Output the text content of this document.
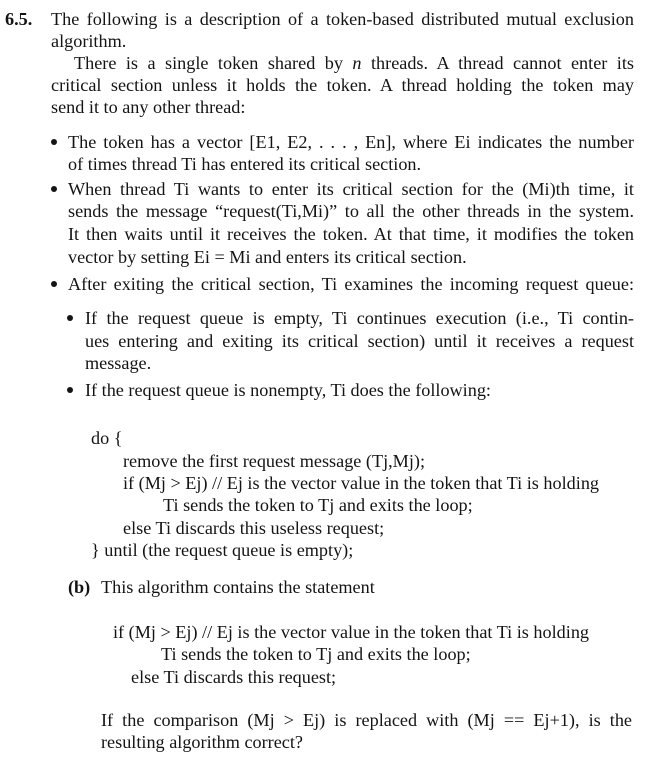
6.5. The following is a description of a token-based distributed mutual exclusion
algorithm.
There is a single token shared by n threads. A thread cannot enter its
critical section unless it holds the token. A thread holding the token may
send it to any other thread:
The token has a vector [E1, E2, . . . , En], where Ei indicates the number
of times thread Ti has entered its critical section.
When thread Ti wants to enter its critical section for the (Mi)th time, it
sends the message “request(Ti,Mi)” to all the other threads in the system.
It then waits until it receives the token. At that time, it modifies the token
vector by setting Ei = Mi and enters its critical section.
After exiting the critical section, Ti examines the incoming request queue:
If the request queue is empty, Ti continues execution (i.e., Ti contin-
ues entering and exiting its critical section) until it receives a request
message.
If the request queue is nonempty, Ti does the following:
do {
remove the first request message (Tj,Mj);
if (Mj > Ej) // Ej is the vector value in the token that Ti is holding
Ti sends the token to Tj and exits the loop;
else Ti discards this useless request;
} until (the request queue is empty);
(b) This algorithm contains the statement
if (Mj > Ej) // Ej is the vector value in the token that Ti is holding
Ti sends the token to Tj and exits the loop;
else Ti discards this request;
If the comparison (Mj > Ej) is replaced with (Mj == Ej+1), is the
resulting algorithm correct?
